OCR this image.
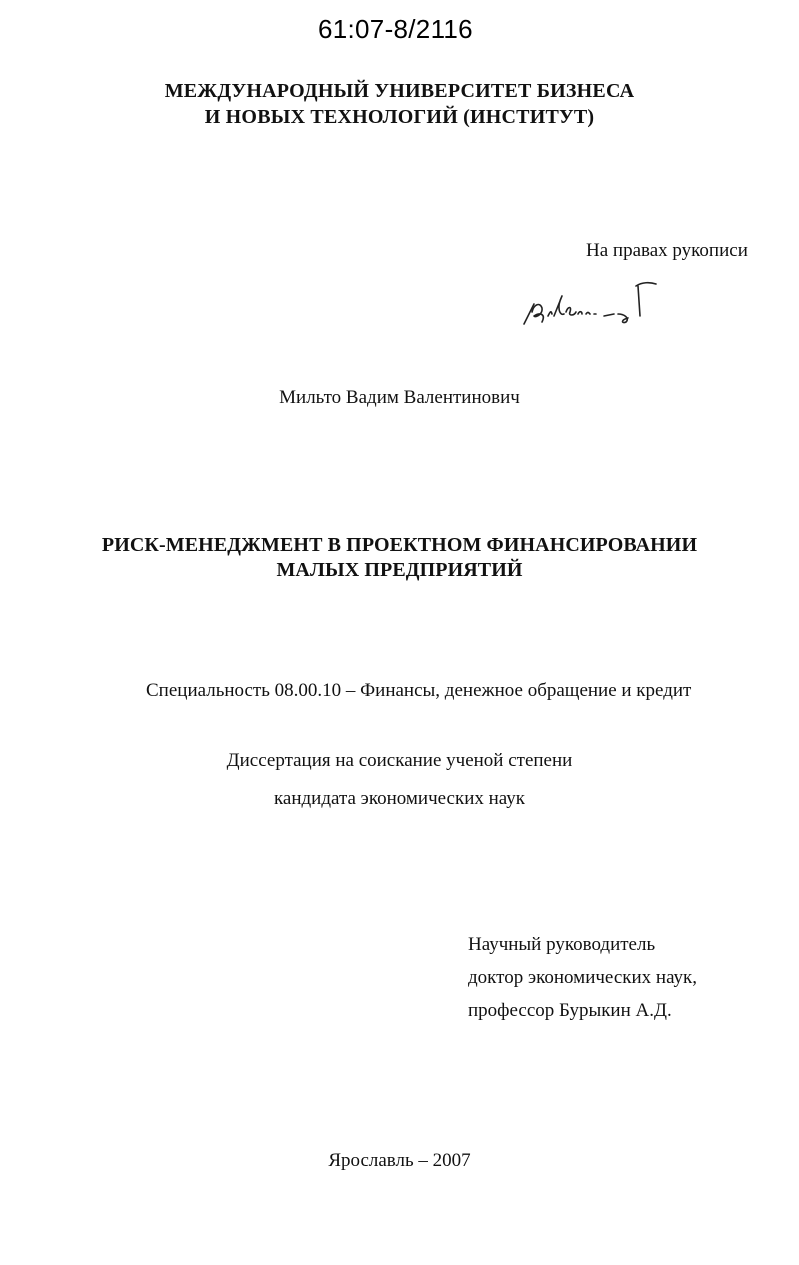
61:07-8/2116
МЕЖДУНАРОДНЫЙ УНИВЕРСИТЕТ БИЗНЕСА
И НОВЫХ ТЕХНОЛОГИЙ (ИНСТИТУТ)
На правах рукописи
Мильто Вадим Валентинович
РИСК-МЕНЕДЖМЕНТ В ПРОЕКТНОМ ФИНАНСИРОВАНИИ
МАЛЫХ ПРЕДПРИЯТИЙ
Специальность 08.00.10 – Финансы, денежное обращение и кредит
Диссертация на соискание ученой степени
кандидата экономических наук
Научный руководитель
доктор экономических наук,
профессор Бурыкин А.Д.
Ярославль – 2007
